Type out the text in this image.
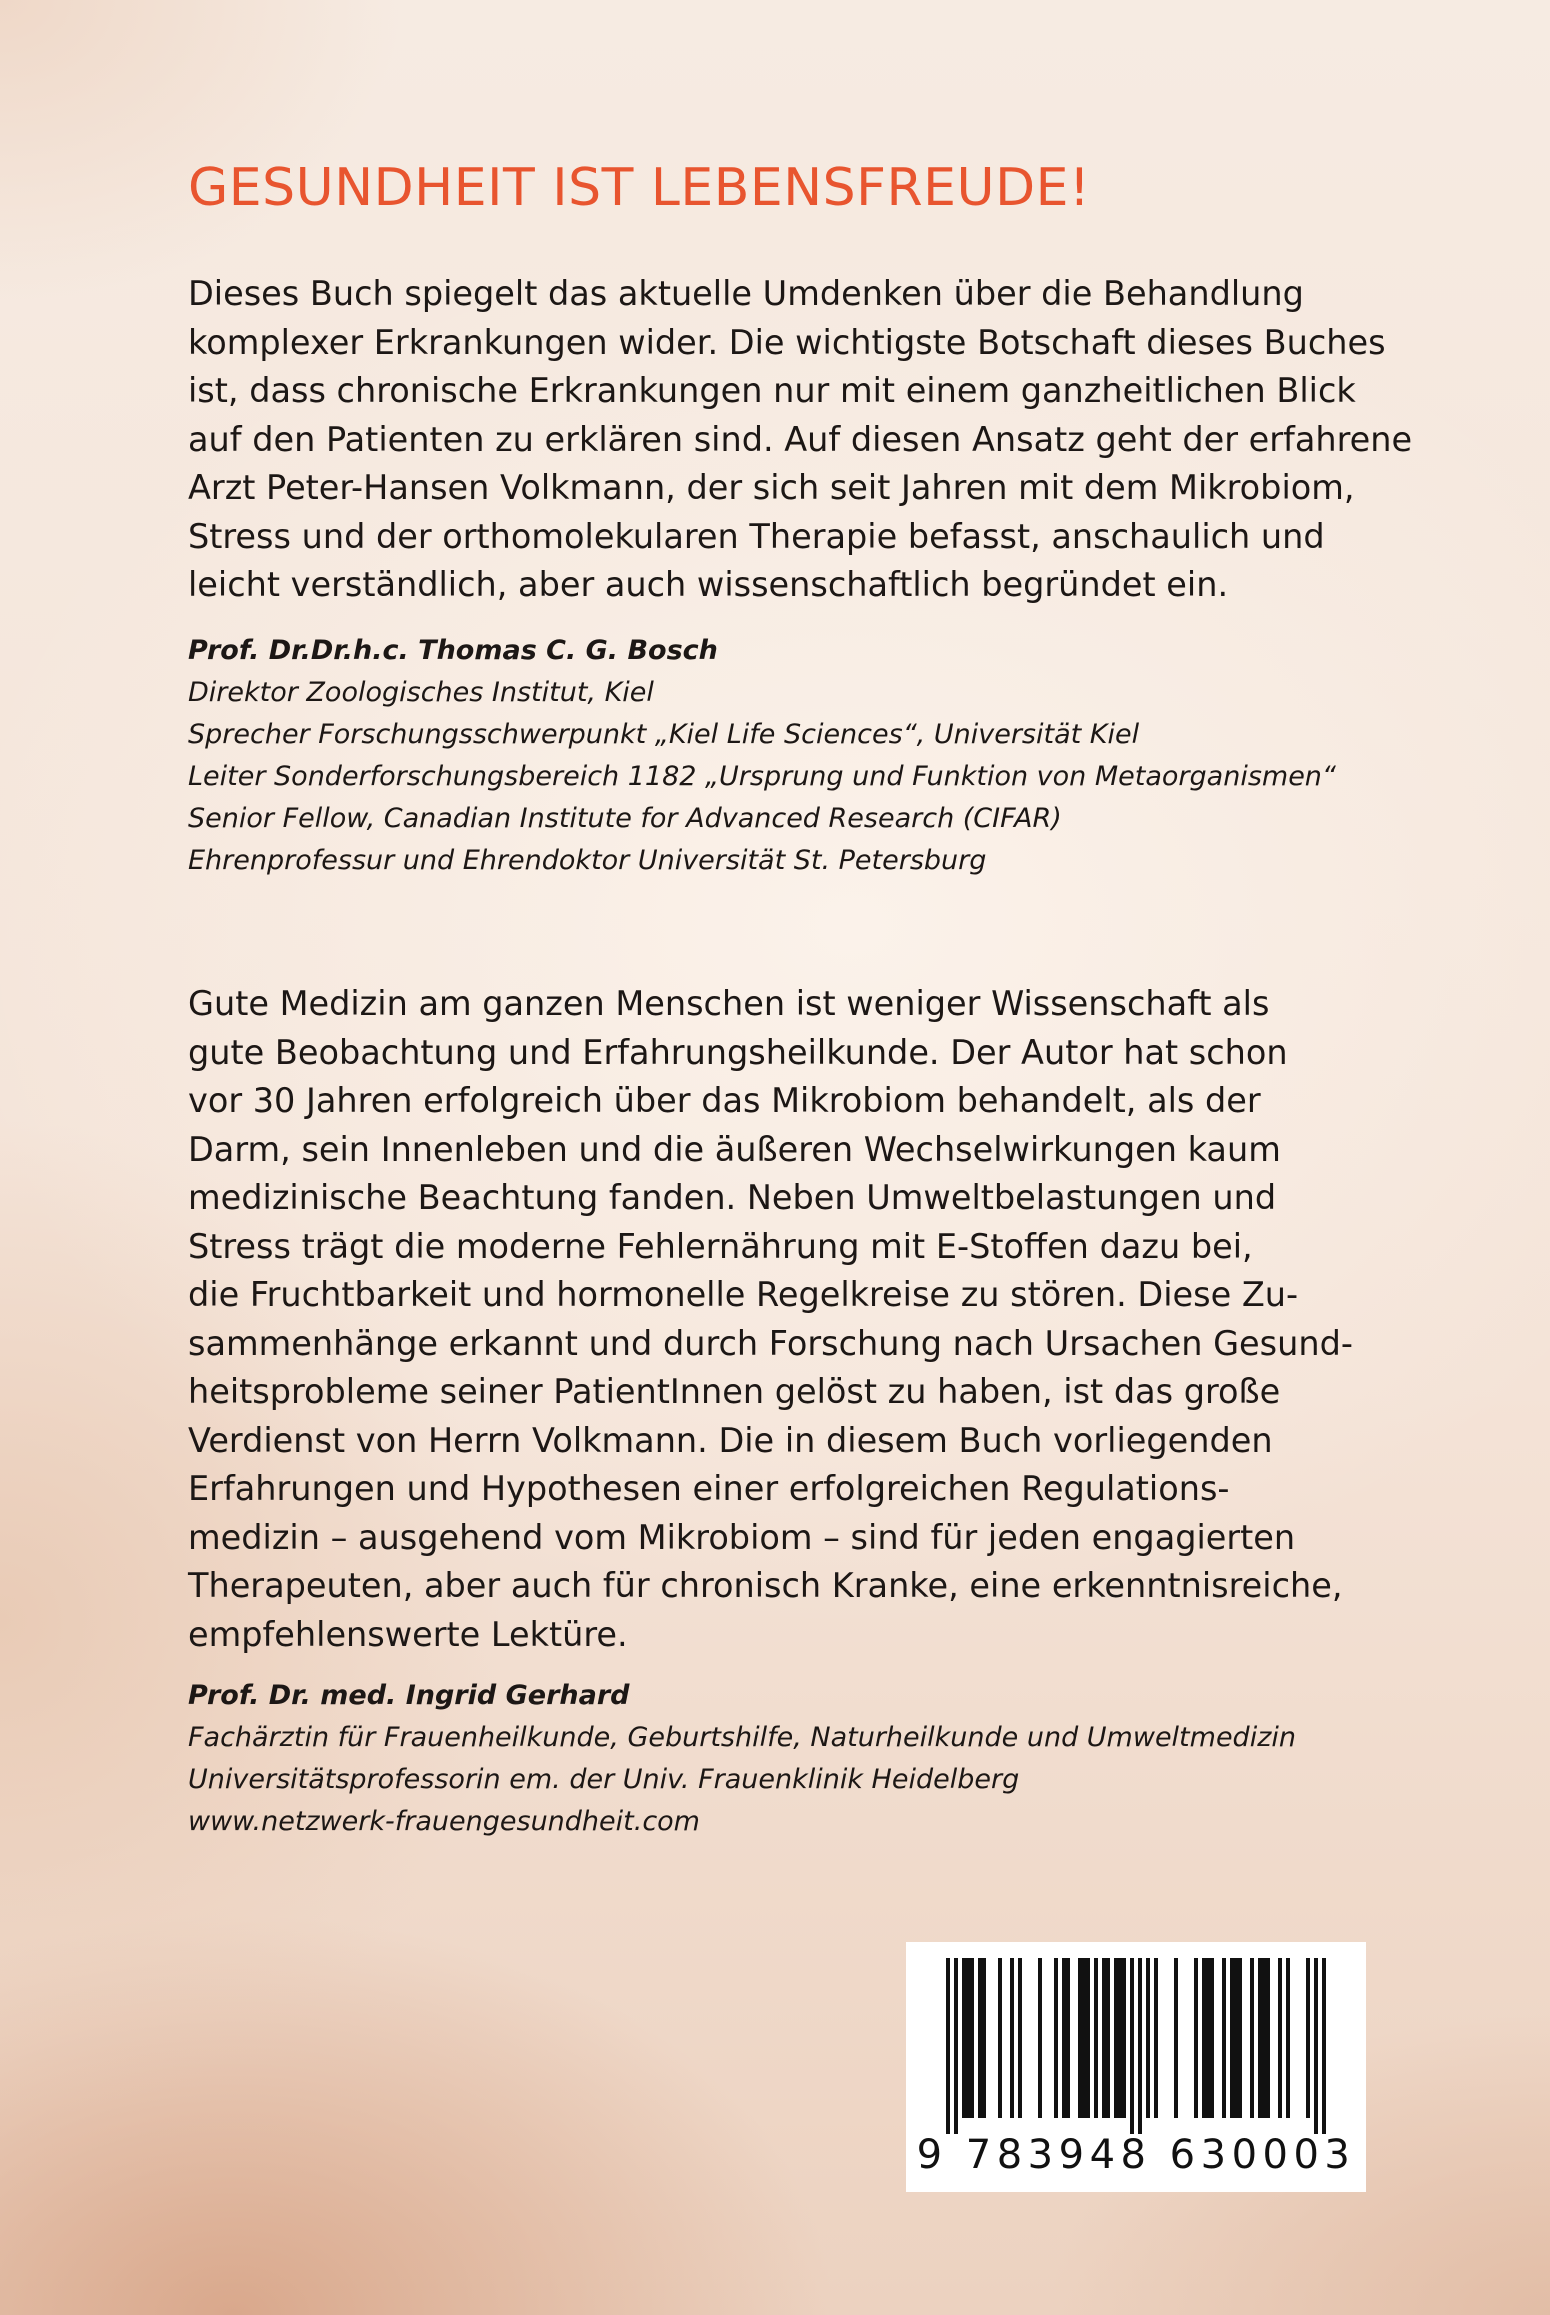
GESUNDHEIT IST LEBENSFREUDE!

Dieses Buch spiegelt das aktuelle Umdenken über die Behandlung
komplexer Erkrankungen wider. Die wichtigste Botschaft dieses Buches
ist, dass chronische Erkrankungen nur mit einem ganzheitlichen Blick
auf den Patienten zu erklären sind. Auf diesen Ansatz geht der erfahrene
Arzt Peter-Hansen Volkmann, der sich seit Jahren mit dem Mikrobiom,
Stress und der orthomolekularen Therapie befasst, anschaulich und
leicht verständlich, aber auch wissenschaftlich begründet ein.

Prof. Dr.Dr.h.c. Thomas C. G. Bosch
Direktor Zoologisches Institut, Kiel
Sprecher Forschungsschwerpunkt „Kiel Life Sciences“, Universität Kiel
Leiter Sonderforschungsbereich 1182 „Ursprung und Funktion von Metaorganismen“
Senior Fellow, Canadian Institute for Advanced Research (CIFAR)
Ehrenprofessur und Ehrendoktor Universität St. Petersburg

Gute Medizin am ganzen Menschen ist weniger Wissenschaft als
gute Beobachtung und Erfahrungsheilkunde. Der Autor hat schon
vor 30 Jahren erfolgreich über das Mikrobiom behandelt, als der
Darm, sein Innenleben und die äußeren Wechselwirkungen kaum
medizinische Beachtung fanden. Neben Umweltbelastungen und
Stress trägt die moderne Fehlernährung mit E-Stoffen dazu bei,
die Fruchtbarkeit und hormonelle Regelkreise zu stören. Diese Zu-
sammenhänge erkannt und durch Forschung nach Ursachen Gesund-
heitsprobleme seiner PatientInnen gelöst zu haben, ist das große
Verdienst von Herrn Volkmann. Die in diesem Buch vorliegenden
Erfahrungen und Hypothesen einer erfolgreichen Regulations-
medizin – ausgehend vom Mikrobiom – sind für jeden engagierten
Therapeuten, aber auch für chronisch Kranke, eine erkenntnisreiche,
empfehlenswerte Lektüre.

Prof. Dr. med. Ingrid Gerhard
Fachärztin für Frauenheilkunde, Geburtshilfe, Naturheilkunde und Umweltmedizin
Universitätsprofessorin em. der Univ. Frauenklinik Heidelberg
www.netzwerk-frauengesundheit.com
9 783948 630003
